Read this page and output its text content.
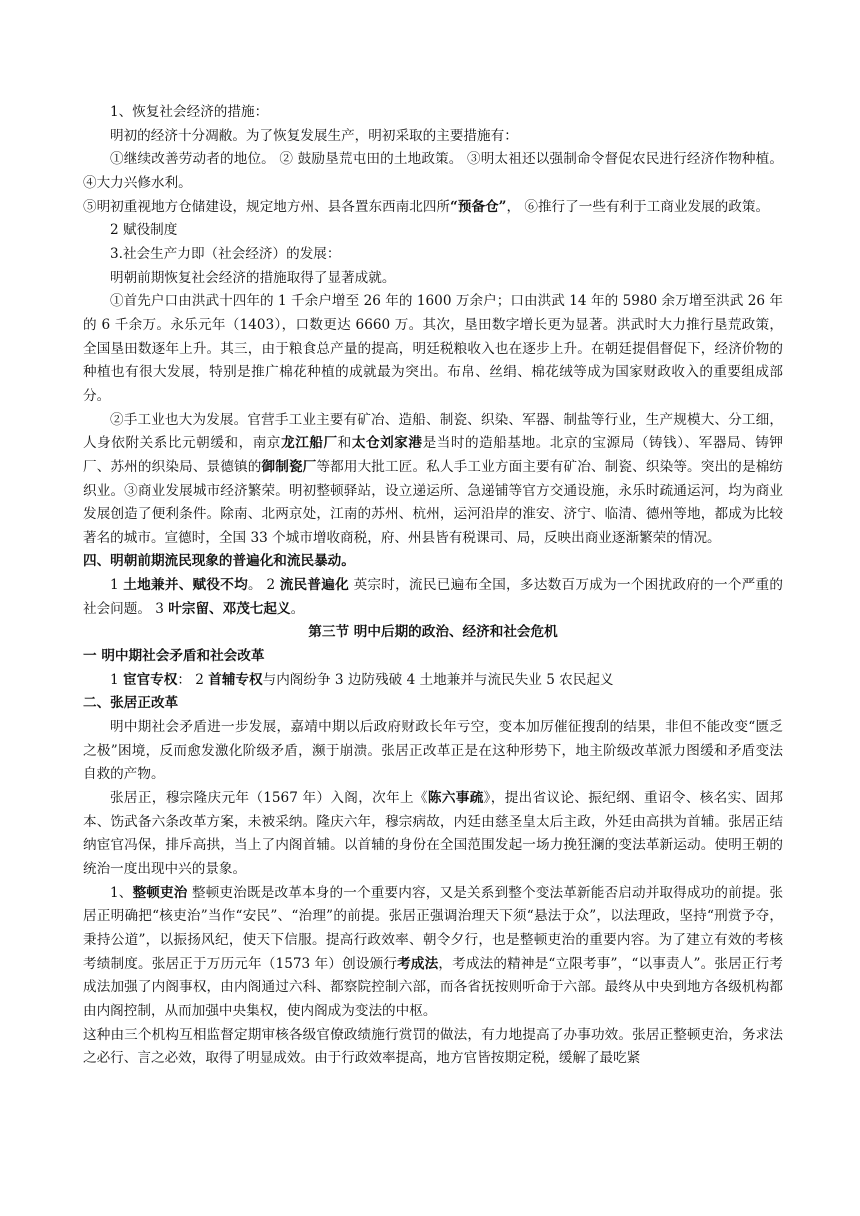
1、恢复社会经济的措施：

明初的经济十分凋敝。为了恢复发展生产，明初采取的主要措施有：

①继续改善劳动者的地位。 ② 鼓励垦荒屯田的土地政策。 ③明太祖还以强制命令督促农民进行经济作物种植。 ④大力兴修水利。

⑤明初重视地方仓储建设，规定地方州、县各置东西南北四所“预备仓”， ⑥推行了一些有利于工商业发展的政策。

2 赋役制度

3.社会生产力即（社会经济）的发展：

明朝前期恢复社会经济的措施取得了显著成就。

①首先户口由洪武十四年的 1 千余户增至 26 年的 1600 万余户；口由洪武 14 年的 5980 余万增至洪武 26 年的 6 千余万。永乐元年（1403），口数更达 6660 万。其次，垦田数字增长更为显著。洪武时大力推行垦荒政策，全国垦田数逐年上升。其三，由于粮食总产量的提高，明廷税粮收入也在逐步上升。在朝廷提倡督促下，经济价物的种植也有很大发展，特别是推广棉花种植的成就最为突出。布帛、丝绢、棉花绒等成为国家财政收入的重要组成部分。

②手工业也大为发展。官营手工业主要有矿冶、造船、制瓷、织染、军器、制盐等行业，生产规模大、分工细，人身依附关系比元朝缓和，南京龙江船厂和太仓刘家港是当时的造船基地。北京的宝源局（铸钱）、军器局、铸钾厂、苏州的织染局、景德镇的御制瓷厂等都用大批工匠。私人手工业方面主要有矿冶、制瓷、织染等。突出的是棉纺织业。③商业发展城市经济繁荣。明初整顿驿站，设立递运所、急递铺等官方交通设施，永乐时疏通运河，均为商业发展创造了便利条件。除南、北两京处，江南的苏州、杭州，运河沿岸的淮安、济宁、临清、德州等地，都成为比较著名的城市。宣德时，全国 33 个城市增收商税，府、州县皆有税课司、局，反映出商业逐渐繁荣的情况。

四、明朝前期流民现象的普遍化和流民暴动。

1 土地兼并、赋役不均。 2 流民普遍化 英宗时，流民已遍布全国，多达数百万成为一个困扰政府的一个严重的社会问题。 3 叶宗留、邓茂七起义。

第三节 明中后期的政治、经济和社会危机

一 明中期社会矛盾和社会改革

1 宦官专权： 2 首辅专权与内阁纷争 3 边防残破 4 土地兼并与流民失业 5 农民起义

二、张居正改革

明中期社会矛盾进一步发展，嘉靖中期以后政府财政长年亏空，变本加厉催征搜刮的结果，非但不能改变“匮乏之极”困境，反而愈发激化阶级矛盾，濒于崩溃。张居正改革正是在这种形势下，地主阶级改革派力图缓和矛盾变法自救的产物。

张居正，穆宗隆庆元年（1567 年）入阁，次年上《陈六事疏》，提出省议论、振纪纲、重诏令、核名实、固邦本、饬武备六条改革方案，未被采纳。隆庆六年，穆宗病故，内廷由慈圣皇太后主政，外廷由高拱为首辅。张居正结纳宦官冯保，排斥高拱，当上了内阁首辅。以首辅的身份在全国范围发起一场力挽狂澜的变法革新运动。使明王朝的统治一度出现中兴的景象。

1、整顿吏治 整顿吏治既是改革本身的一个重要内容，又是关系到整个变法革新能否启动并取得成功的前提。张居正明确把“核吏治”当作“安民”、“治理”的前提。张居正强调治理天下须“悬法于众”，以法理政，坚持“刑赏予夺，秉持公道”，以振扬风纪，使天下信服。提高行政效率、朝令夕行，也是整顿吏治的重要内容。为了建立有效的考核考绩制度。张居正于万历元年（1573 年）创设颁行考成法，考成法的精神是“立限考事”，“以事责人”。张居正行考成法加强了内阁事权，由内阁通过六科、都察院控制六部，而各省抚按则听命于六部。最终从中央到地方各级机构都由内阁控制，从而加强中央集权，使内阁成为变法的中枢。

这种由三个机构互相监督定期审核各级官僚政绩施行赏罚的做法，有力地提高了办事功效。张居正整顿吏治，务求法之必行、言之必效，取得了明显成效。由于行政效率提高，地方官皆按期定税，缓解了最吃紧
